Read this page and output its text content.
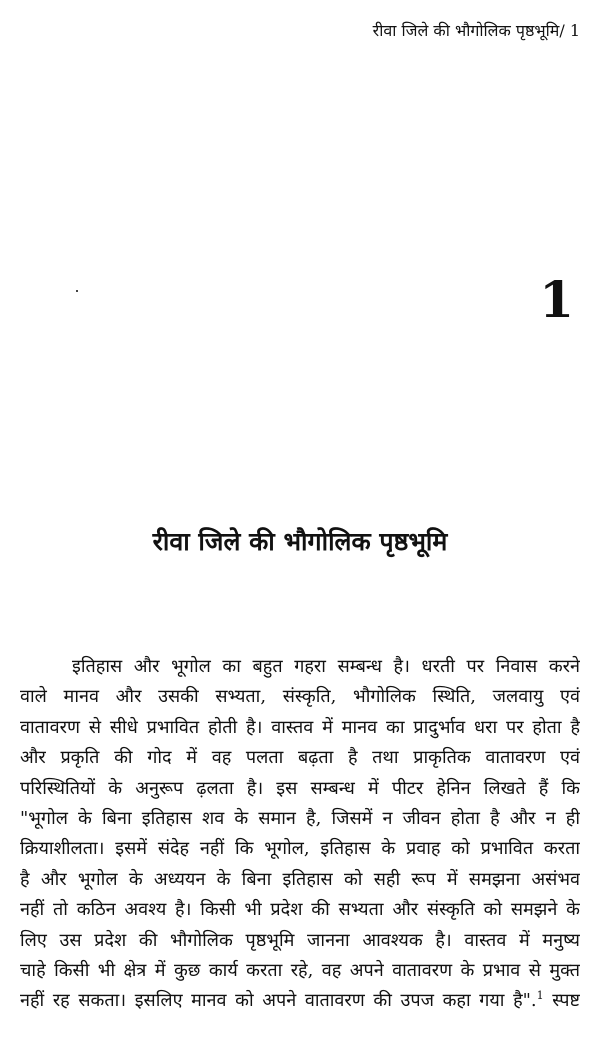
रीवा जिले की भौगोलिक पृष्ठभूमि/ 1
1
रीवा जिले की भौगोलिक पृष्ठभूमि
इतिहास और भूगोल का बहुत गहरा सम्बन्ध है। धरती पर निवास करने
वाले मानव और उसकी सभ्यता, संस्कृति, भौगोलिक स्थिति, जलवायु एवं
वातावरण से सीधे प्रभावित होती है। वास्तव में मानव का प्रादुर्भाव धरा पर होता है
और प्रकृति की गोद में वह पलता बढ़ता है तथा प्राकृतिक वातावरण एवं
परिस्थितियों के अनुरूप ढ़लता है। इस सम्बन्ध में पीटर हेनिन लिखते हैं कि
"भूगोल के बिना इतिहास शव के समान है, जिसमें न जीवन होता है और न ही
क्रियाशीलता। इसमें संदेह नहीं कि भूगोल, इतिहास के प्रवाह को प्रभावित करता
है और भूगोल के अध्ययन के बिना इतिहास को सही रूप में समझना असंभव
नहीं तो कठिन अवश्य है। किसी भी प्रदेश की सभ्यता और संस्कृति को समझने के
लिए उस प्रदेश की भौगोलिक पृष्ठभूमि जानना आवश्यक है। वास्तव में मनुष्य
चाहे किसी भी क्षेत्र में कुछ कार्य करता रहे, वह अपने वातावरण के प्रभाव से मुक्त
नहीं रह सकता। इसलिए मानव को अपने वातावरण की उपज कहा गया है".$^1$ स्पष्ट
